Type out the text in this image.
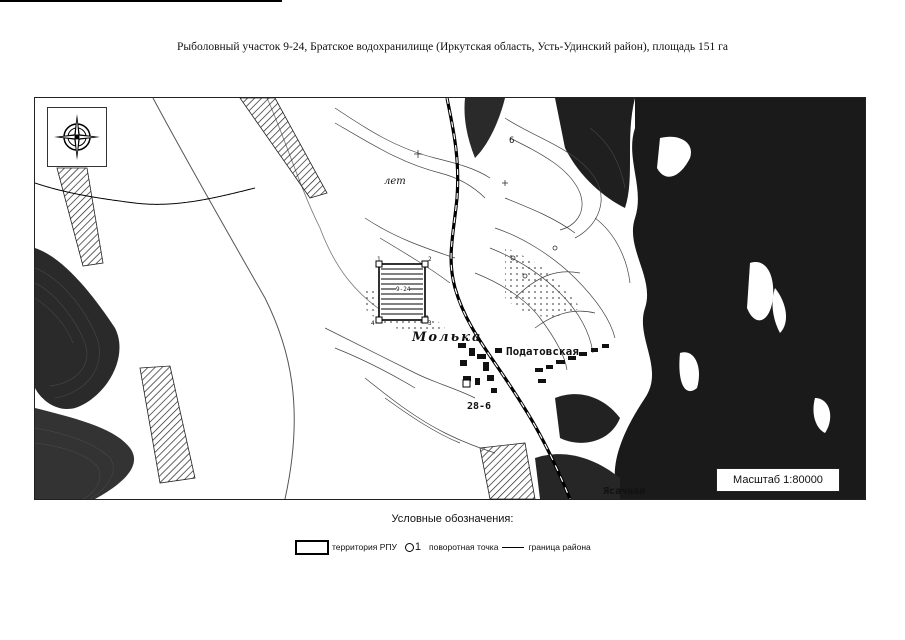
Рыболовный участок 9-24, Братское водохранилище (Иркутская область, Усть-Удинский район), площадь 151 га
Молька
Податовская
28-6
Ясачная
лет
6
9-24
1	2
3
4
Масштаб 1:80000
Условные обозначения:
территория РПУ 1 поворотная точка	граница района
